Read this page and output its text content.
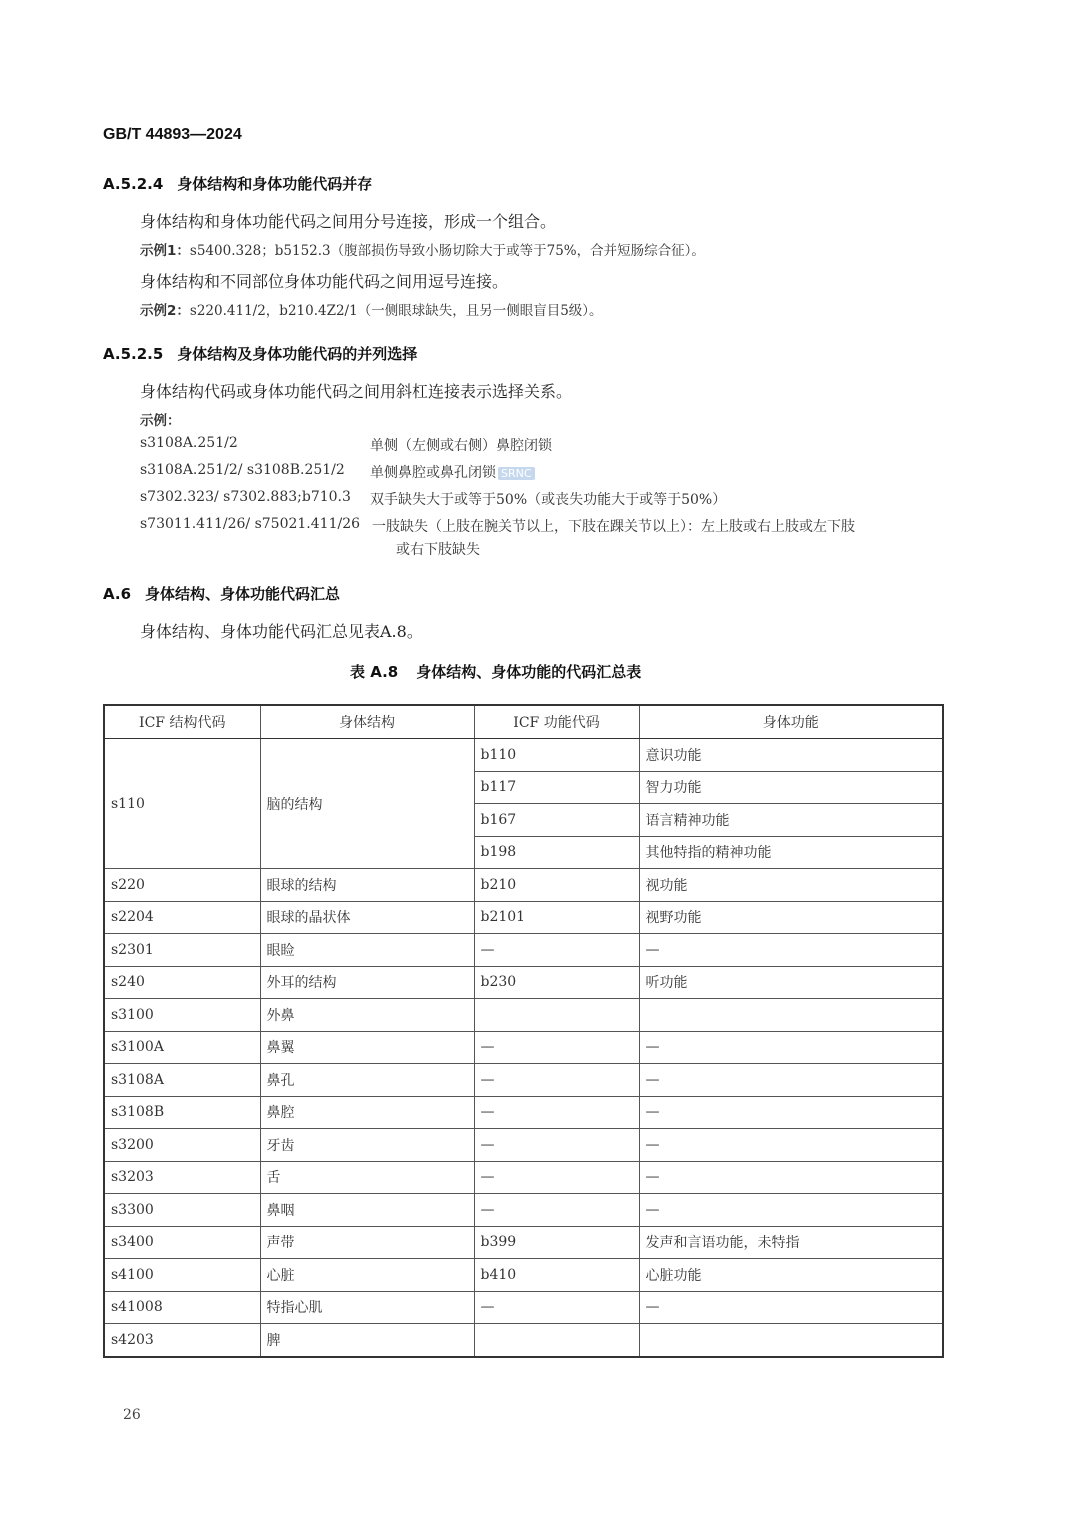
GB/T 44893—2024
A.5.2.4 身体结构和身体功能代码并存
身体结构和身体功能代码之间用分号连接，形成一个组合。
示例1：s5400.328；b5152.3（腹部损伤导致小肠切除大于或等于75%，合并短肠综合征）。
身体结构和不同部位身体功能代码之间用逗号连接。
示例2：s220.411/2，b210.4Z2/1（一侧眼球缺失，且另一侧眼盲目5级）。
A.5.2.5 身体结构及身体功能代码的并列选择
身体结构代码或身体功能代码之间用斜杠连接表示选择关系。
示例：
s3108A.251/2	单侧（左侧或右侧）鼻腔闭锁
s3108A.251/2/ s3108B.251/2 单侧鼻腔或鼻孔闭锁 SRNC
s7302.323/ s7302.883;b710.3 双手缺失大于或等于50%（或丧失功能大于或等于50%）
s73011.411/26/ s75021.411/26 一肢缺失（上肢在腕关节以上，下肢在踝关节以上）：左上肢或右上肢或左下肢
或右下肢缺失
A.6 身体结构、身体功能代码汇总
身体结构、身体功能代码汇总见表A.8。
表 A.8 身体结构、身体功能的代码汇总表
ICF 结构代码	身体结构	ICF 功能代码	身体功能
s110	脑的结构	b110	意识功能
		b117	智力功能
		b167	语言精神功能
		b198	其他特指的精神功能
s220	眼球的结构	b210	视功能
s2204	眼球的晶状体	b2101	视野功能
s2301	眼睑	—	—
s240	外耳的结构	b230	听功能
s3100	外鼻		
s3100A	鼻翼	—	—
s3108A	鼻孔	—	—
s3108B	鼻腔	—	—
s3200	牙齿	—	—
s3203	舌	—	—
s3300	鼻咽	—	—
s3400	声带	b399	发声和言语功能，未特指
s4100	心脏	b410	心脏功能
s41008	特指心肌	—	—
s4203	脾		
26
